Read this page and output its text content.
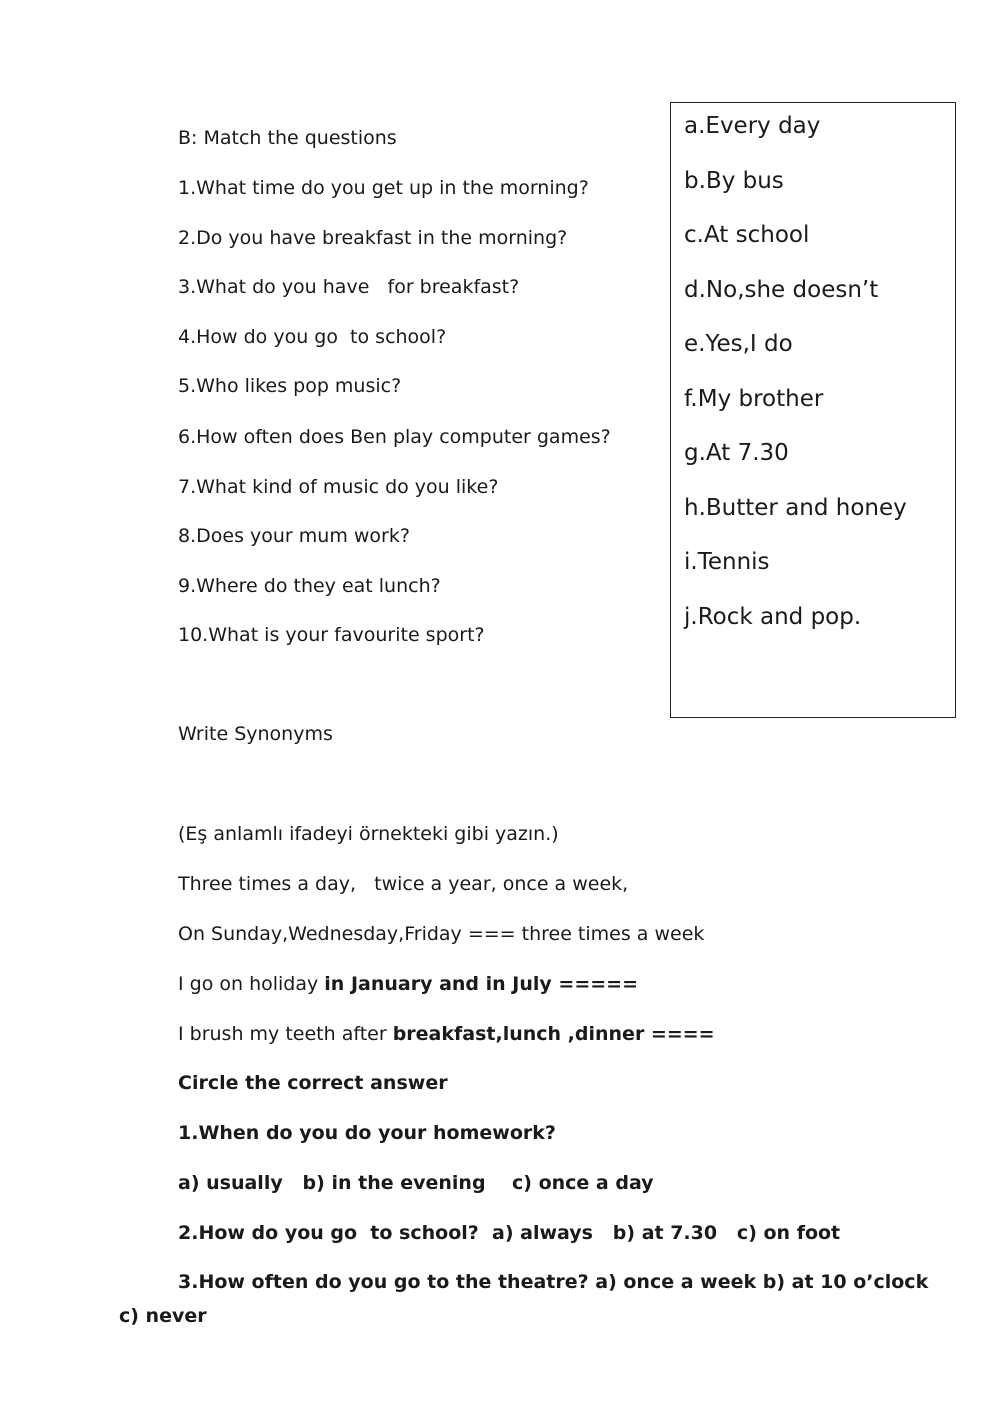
B: Match the questions
1.What time do you get up in the morning?
2.Do you have breakfast in the morning?
3.What do you have   for breakfast?
4.How do you go  to school?
5.Who likes pop music?
6.How often does Ben play computer games?
7.What kind of music do you like?
8.Does your mum work?
9.Where do they eat lunch?
10.What is your favourite sport?
a.Every day
b.By bus
c.At school
d.No,she doesn’t
e.Yes,I do
f.My brother
g.At 7.30
h.Butter and honey
i.Tennis
j.Rock and pop.
Write Synonyms
(Eş anlamlı ifadeyi örnekteki gibi yazın.)
Three times a day,   twice a year, once a week,
On Sunday,Wednesday,Friday === three times a week
I go on holiday in January and in July =====
I brush my teeth after breakfast,lunch ,dinner ====
Circle the correct answer
1.When do you do your homework?
a) usually   b) in the evening    c) once a day
2.How do you go  to school?  a) always   b) at 7.30   c) on foot
3.How often do you go to the theatre? a) once a week b) at 10 o’clock
c) never
